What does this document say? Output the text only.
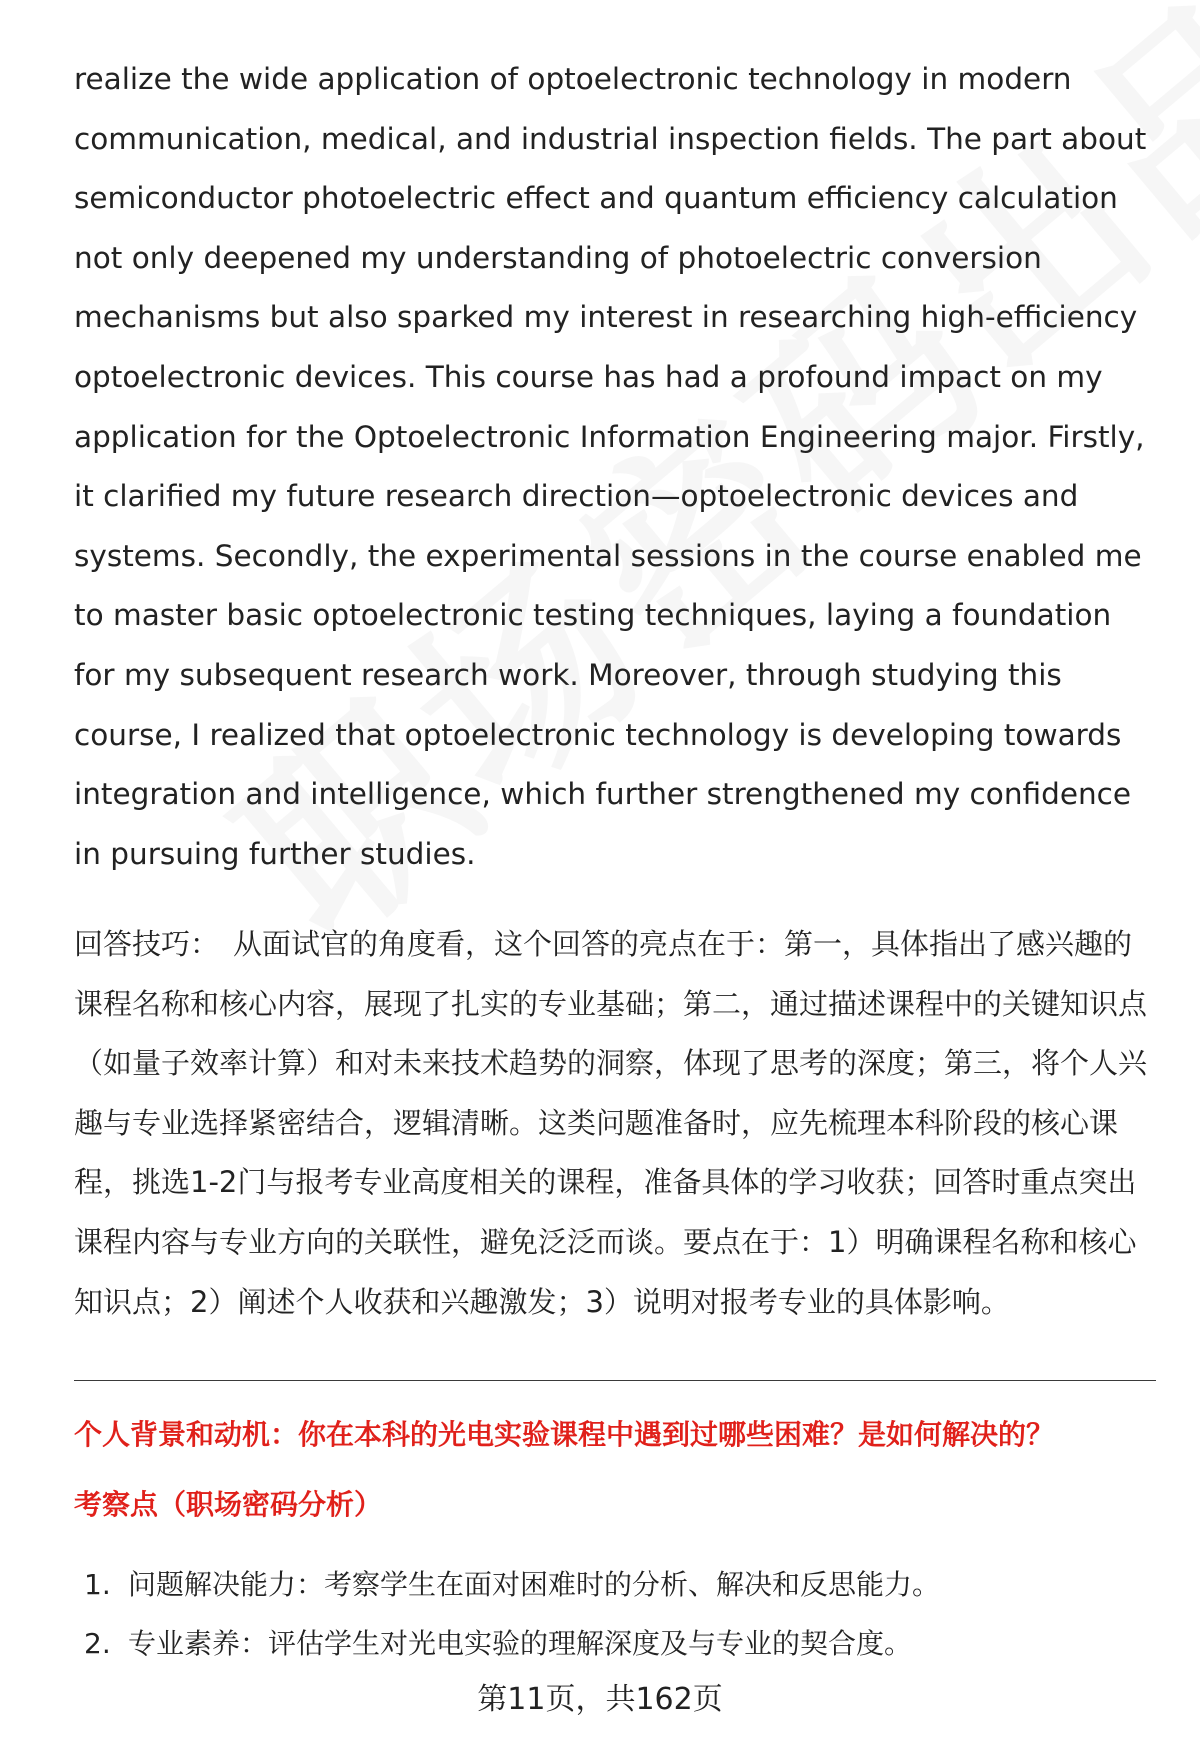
realize the wide application of optoelectronic technology in modern communication, medical, and industrial inspection fields. The part about semiconductor photoelectric effect and quantum efficiency calculation not only deepened my understanding of photoelectric conversion mechanisms but also sparked my interest in researching high-efficiency optoelectronic devices. This course has had a profound impact on my application for the Optoelectronic Information Engineering major. Firstly, it clarified my future research direction—optoelectronic devices and systems. Secondly, the experimental sessions in the course enabled me to master basic optoelectronic testing techniques, laying a foundation for my subsequent research work. Moreover, through studying this course, I realized that optoelectronic technology is developing towards integration and intelligence, which further strengthened my confidence in pursuing further studies.

回答技巧： 从面试官的角度看，这个回答的亮点在于：第一，具体指出了感兴趣的课程名称和核心内容，展现了扎实的专业基础；第二，通过描述课程中的关键知识点（如量子效率计算）和对未来技术趋势的洞察，体现了思考的深度；第三，将个人兴趣与专业选择紧密结合，逻辑清晰。这类问题准备时，应先梳理本科阶段的核心课程，挑选1-2门与报考专业高度相关的课程，准备具体的学习收获；回答时重点突出课程内容与专业方向的关联性，避免泛泛而谈。要点在于：1）明确课程名称和核心知识点；2）阐述个人收获和兴趣激发；3）说明对报考专业的具体影响。

个人背景和动机：你在本科的光电实验课程中遇到过哪些困难？是如何解决的？

考察点（职场密码分析）

1. 问题解决能力：考察学生在面对困难时的分析、解决和反思能力。
2. 专业素养：评估学生对光电实验的理解深度及与专业的契合度。
第11页，共162页
